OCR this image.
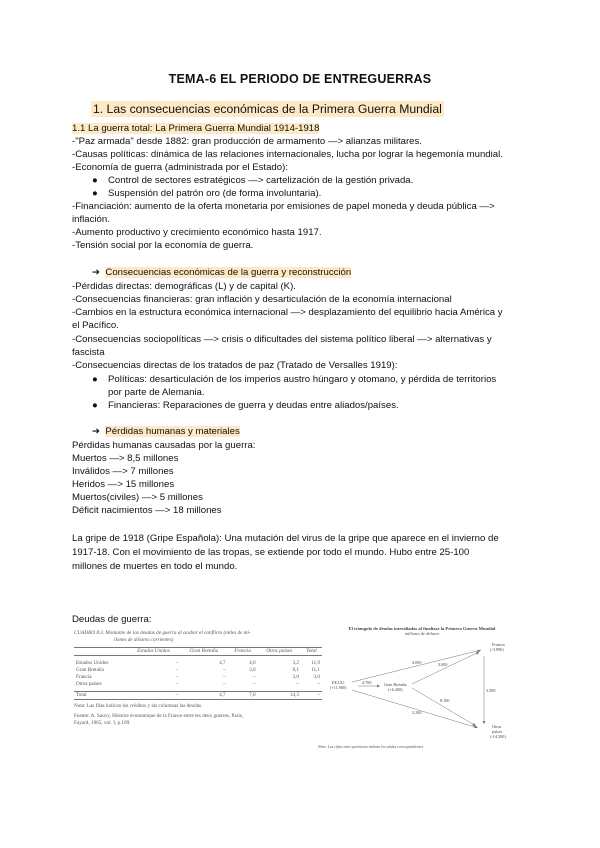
TEMA-6 EL PERIODO DE ENTREGUERRAS
1. Las consecuencias económicas de la Primera Guerra Mundial
1.1 La guerra total: La Primera Guerra Mundial 1914-1918
-"Paz armada" desde 1882: gran producción de armamento —> alianzas militares.
-Causas políticas: dinámica de las relaciones internacionales, lucha por lograr la hegemonía mundial.
-Economía de guerra (administrada por el Estado):
● Control de sectores estratégicos —> cartelización de la gestión privada.
● Suspensión del patrón oro (de forma involuntaria).
-Financiación: aumento de la oferta monetaria por emisiones de papel moneda y deuda pública —>
inflación.
-Aumento productivo y crecimiento económico hasta 1917.
-Tensión social por la economía de guerra.
➔ Consecuencias económicas de la guerra y reconstrucción
-Pérdidas directas: demográficas (L) y de capital (K).
-Consecuencias financieras: gran inflación y desarticulación de la economía internacional
-Cambios en la estructura económica internacional —> desplazamiento del equilibrio hacia América y
el Pacífico.
-Consecuencias sociopolíticas —> crisis o dificultades del sistema político liberal —> alternativas y
fascista
-Consecuencias directas de los tratados de paz (Tratado de Versalles 1919):
● Políticas: desarticulación de los imperios austro húngaro y otomano, y pérdida de territorios
por parte de Alemania.
● Financieras: Reparaciones de guerra y deudas entre aliados/países.
➔ Pérdidas humanas y materiales
Pérdidas humanas causadas por la guerra:
Muertos —> 8,5 millones
Inválidos —> 7 millones
Heridos —> 15 millones
Muertos(civiles) —> 5 millones
Déficit nacimientos —> 18 millones
La gripe de 1918 (Gripe Española): Una mutación del virus de la gripe que aparece en el invierno de
1917-18. Con el movimiento de las tropas, se extiende por todo el mundo. Hubo entre 25-100
millones de muertes en todo el mundo.
Deudas de guerra:
CUADRO 8.3. Montante de las deudas de guerra al acabar el conflicto (miles de mi-
llones de dólares corrientes)
	Estados Unidos	Gran Bretaña	Francia	Otros países	Total

Estados Unidos	–	4,7	4,0	3,2	11,9
Gran Bretaña	–	–	3,0	8,1	11,1
Francia	–	–	–	3,0	3,0
Otros países	–	–	–	–	–

Total	–	4,7	7,0	14,3	–
Nota: Las filas indican los créditos y las columnas las deudas.
Fuente: A. Sauvy, Histoire économique de la France entre les deux guerres, París,
Fayard, 1965, vol. I, p.169.
El triangulo de deudas interaliadas al finalizar la Primera Guerra Mundial
millones de dólares
4.000
4.700
3.200
3.000
8.100
3.500
EE.UU.
(+11.900)
Gran Bretaña
(+6.400)
Francia
(-3.990)
Otros
países
(-14.300)
Nota: Las cifras entre paréntesis indican los saldos correspondientes
